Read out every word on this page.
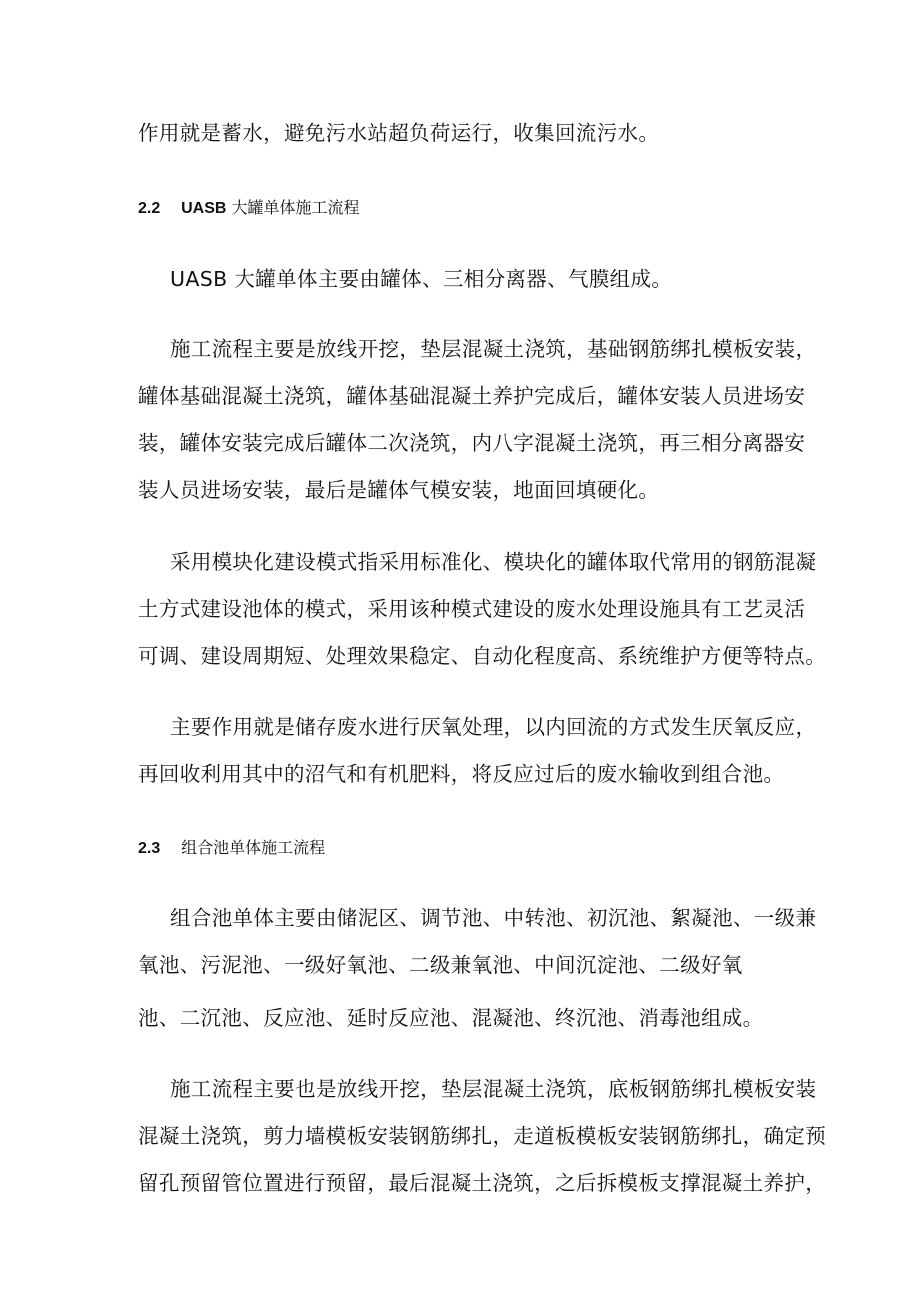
作用就是蓄水，避免污水站超负荷运行，收集回流污水。
2.2 UASB 大罐单体施工流程
UASB 大罐单体主要由罐体、三相分离器、气膜组成。
施工流程主要是放线开挖，垫层混凝土浇筑，基础钢筋绑扎模板安装，
罐体基础混凝土浇筑，罐体基础混凝土养护完成后，罐体安装人员进场安
装，罐体安装完成后罐体二次浇筑，内八字混凝土浇筑，再三相分离器安
装人员进场安装，最后是罐体气模安装，地面回填硬化。
采用模块化建设模式指采用标准化、模块化的罐体取代常用的钢筋混凝
土方式建设池体的模式，采用该种模式建设的废水处理设施具有工艺灵活
可调、建设周期短、处理效果稳定、自动化程度高、系统维护方便等特点。
主要作用就是储存废水进行厌氧处理，以内回流的方式发生厌氧反应，
再回收利用其中的沼气和有机肥料，将反应过后的废水输收到组合池。
2.3 组合池单体施工流程
组合池单体主要由储泥区、调节池、中转池、初沉池、絮凝池、一级兼
氧池、污泥池、一级好氧池、二级兼氧池、中间沉淀池、二级好氧
池、二沉池、反应池、延时反应池、混凝池、终沉池、消毒池组成。
施工流程主要也是放线开挖，垫层混凝土浇筑，底板钢筋绑扎模板安装
混凝土浇筑，剪力墙模板安装钢筋绑扎，走道板模板安装钢筋绑扎，确定预
留孔预留管位置进行预留，最后混凝土浇筑，之后拆模板支撑混凝土养护，
